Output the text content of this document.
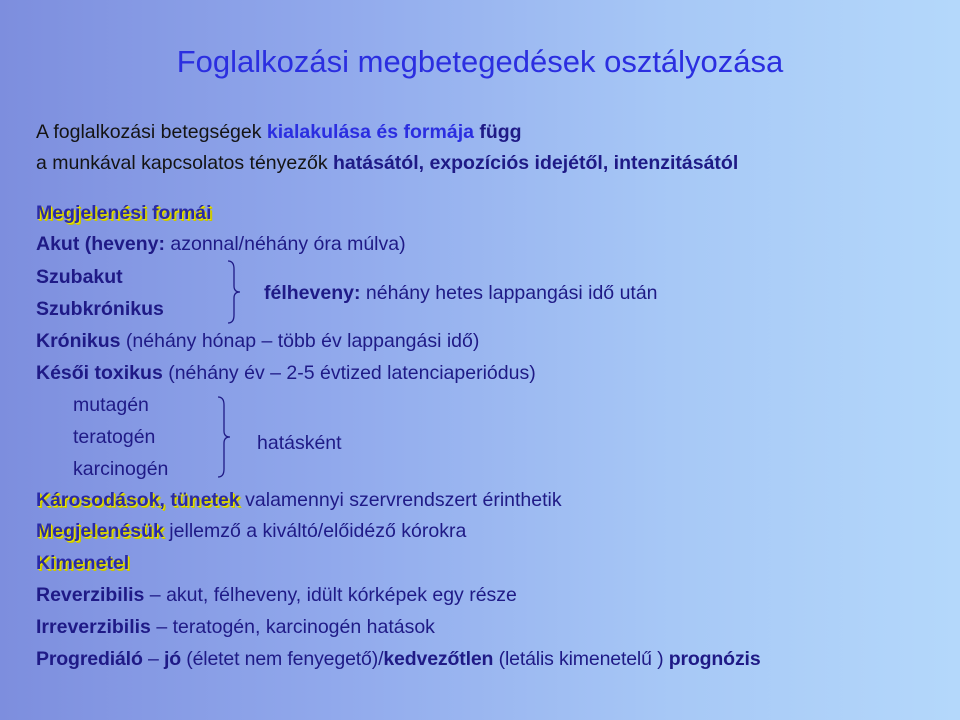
Foglalkozási megbetegedések osztályozása
A foglalkozási betegségek kialakulása és formája függ
a munkával kapcsolatos tényezők hatásától, expozíciós idejétől, intenzitásától
Megjelenési formái
Akut (heveny: azonnal/néhány óra múlva)
Szubakut
Szubkrónikus
félheveny: néhány hetes lappangási idő után
Krónikus (néhány hónap – több év lappangási idő)
Késői toxikus (néhány év – 2-5 évtized latenciaperiódus)
mutagén
teratogén
karcinogén
hatásként
Károsodások, tünetek valamennyi szervrendszert érinthetik
Megjelenésük jellemző a kiváltó/előidéző kórokra
Kimenetel
Reverzibilis – akut, félheveny, idült kórképek egy része
Irreverzibilis – teratogén, karcinogén hatások
Progrediáló – jó (életet nem fenyegető)/kedvezőtlen (letális kimenetelű ) prognózis
